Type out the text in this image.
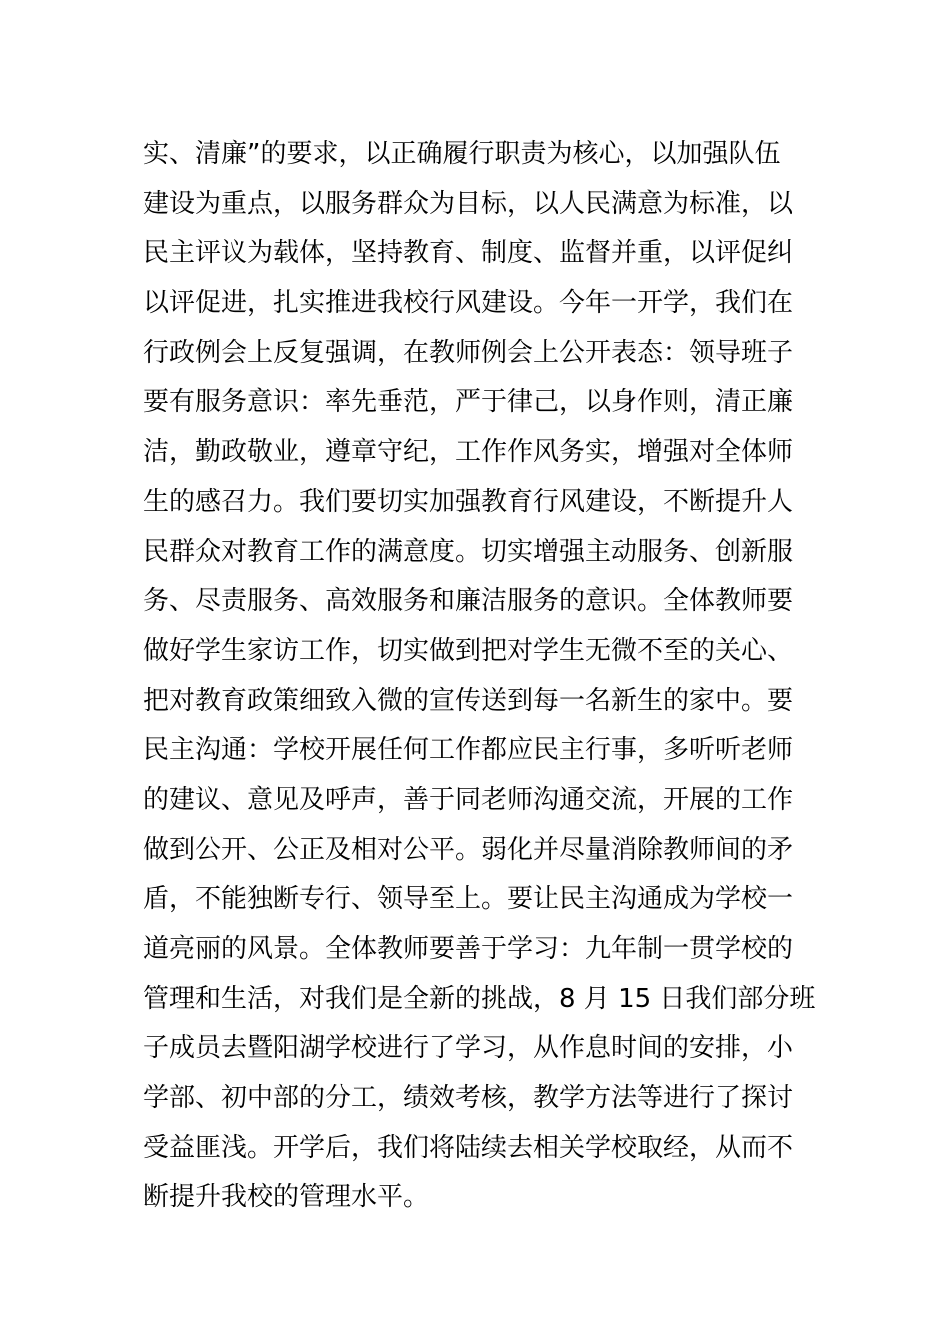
实、清廉”的要求，以正确履行职责为核心，以加强队伍
建设为重点，以服务群众为目标，以人民满意为标准，以
民主评议为载体，坚持教育、制度、监督并重，以评促纠
以评促进，扎实推进我校行风建设。今年一开学，我们在
行政例会上反复强调，在教师例会上公开表态：领导班子
要有服务意识：率先垂范，严于律己，以身作则，清正廉
洁，勤政敬业，遵章守纪，工作作风务实，增强对全体师
生的感召力。我们要切实加强教育行风建设，不断提升人
民群众对教育工作的满意度。切实增强主动服务、创新服
务、尽责服务、高效服务和廉洁服务的意识。全体教师要
做好学生家访工作，切实做到把对学生无微不至的关心、
把对教育政策细致入微的宣传送到每一名新生的家中。要
民主沟通：学校开展任何工作都应民主行事，多听听老师
的建议、意见及呼声，善于同老师沟通交流，开展的工作
做到公开、公正及相对公平。弱化并尽量消除教师间的矛
盾，不能独断专行、领导至上。要让民主沟通成为学校一
道亮丽的风景。全体教师要善于学习：九年制一贯学校的
管理和生活，对我们是全新的挑战，8 月 15 日我们部分班
子成员去暨阳湖学校进行了学习，从作息时间的安排，小
学部、初中部的分工，绩效考核，教学方法等进行了探讨
受益匪浅。开学后，我们将陆续去相关学校取经，从而不
断提升我校的管理水平。
